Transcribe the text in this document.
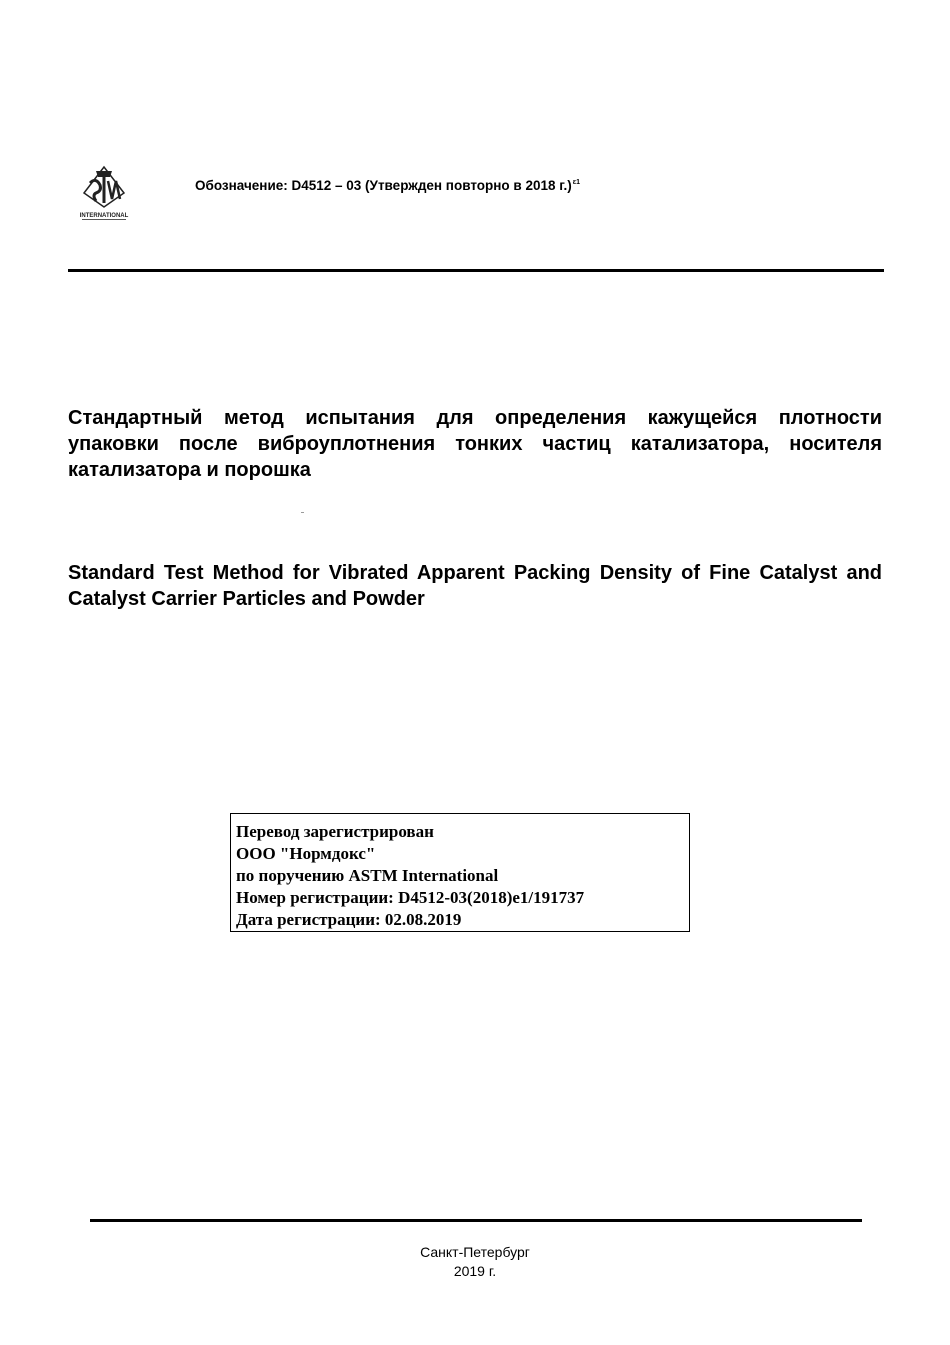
INTERNATIONAL
Обозначение: D4512 – 03 (Утвержден повторно в 2018 г.)$^{\varepsilon 1}$
Стандартный метод испытания для определения кажущейся плотности упаковки после виброуплотнения тонких частиц катализатора, носителя катализатора и порошка
Standard Test Method for Vibrated Apparent Packing Density of Fine Catalyst and Catalyst Carrier Particles and Powder
Перевод зарегистрирован
ООО "Нормдокс"
по поручению ASTM International
Номер регистрации: D4512-03(2018)e1/191737
Дата регистрации: 02.08.2019
Санкт-Петербург
2019 г.
